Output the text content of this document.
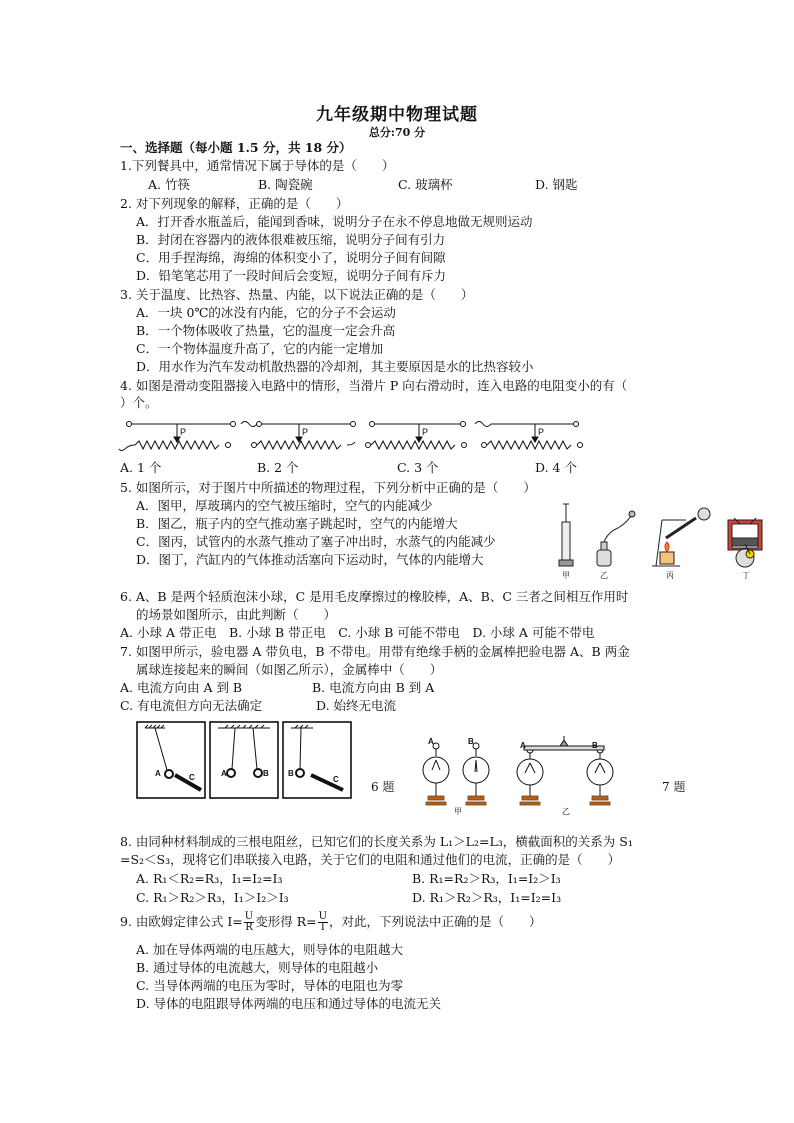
九年级期中物理试题
总分:70 分
一、选择题（每小题 1.5 分，共 18 分）
1.下列餐具中，通常情况下属于导体的是（　　）
A. 竹筷	B. 陶瓷碗	C. 玻璃杯	D. 钢匙
2. 对下列现象的解释，正确的是（　　）
A．打开香水瓶盖后，能闻到香味，说明分子在永不停息地做无规则运动
B．封闭在容器内的液体很难被压缩，说明分子间有引力
C．用手捏海绵，海绵的体积变小了，说明分子间有间隙
D．铅笔笔芯用了一段时间后会变短，说明分子间有斥力
3. 关于温度、比热容、热量、内能，以下说法正确的是（　　）
A．一块 0℃的冰没有内能，它的分子不会运动
B．一个物体吸收了热量，它的温度一定会升高
C．一个物体温度升高了，它的内能一定增加
D．用水作为汽车发动机散热器的冷却剂，其主要原因是水的比热容较小
4. 如图是滑动变阻器接入电路中的情形，当滑片 P 向右滑动时，连入电路的电阻变小的有（
）个。
P	P	P	P
A. 1 个	B. 2 个	C. 3 个	D. 4 个
5. 如图所示，对于图片中所描述的物理过程，下列分析中正确的是（　　）
A．图甲，厚玻璃内的空气被压缩时，空气的内能减少
B．图乙，瓶子内的空气推动塞子跳起时，空气的内能增大
C．图丙，试管内的水蒸气推动了塞子冲出时，水蒸气的内能减少
D．图丁，汽缸内的气体推动活塞向下运动时，气体的内能增大
甲	乙	丙	丁
6. A、B 是两个轻质泡沫小球，C 是用毛皮摩擦过的橡胶棒，A、B、C 三者之间相互作用时
的场景如图所示，由此判断（　　）
A. 小球 A 带正电　B. 小球 B 带正电　C. 小球 B 可能不带电　D. 小球 A 可能不带电
7. 如图甲所示，验电器 A 带负电，B 不带电。用带有绝缘手柄的金属棒把验电器 A、B 两金
属球连接起来的瞬间（如图乙所示），金属棒中（　　）
A. 电流方向由 A 到 B	B. 电流方向由 B 到 A
C. 有电流但方向无法确定	D. 始终无电流
A	C	A	B B
C
6 题
A	B	A	B
甲	乙
7 题
8. 由同种材料制成的三根电阻丝，已知它们的长度关系为 L₁＞L₂=L₃，横截面积的关系为 S₁
=S₂＜S₃，现将它们串联接入电路，关于它们的电阻和通过他们的电流，正确的是（　　）
A. R₁＜R₂=R₃，I₁=I₂=I₃	B. R₁=R₂＞R₃，I₁=I₂＞I₃
C. R₁＞R₂＞R₃，I₁＞I₂＞I₃	D. R₁＞R₂＞R₃，I₁=I₂=I₃
9. 由欧姆定律公式 $I= \frac{U}{R}$ 变形得 $R= \frac{U}{I}$ ，对此，下列说法中正确的是（　　）
A. 加在导体两端的电压越大，则导体的电阻越大
B. 通过导体的电流越大，则导体的电阻越小
C. 当导体两端的电压为零时，导体的电阻也为零
D. 导体的电阻跟导体两端的电压和通过导体的电流无关
